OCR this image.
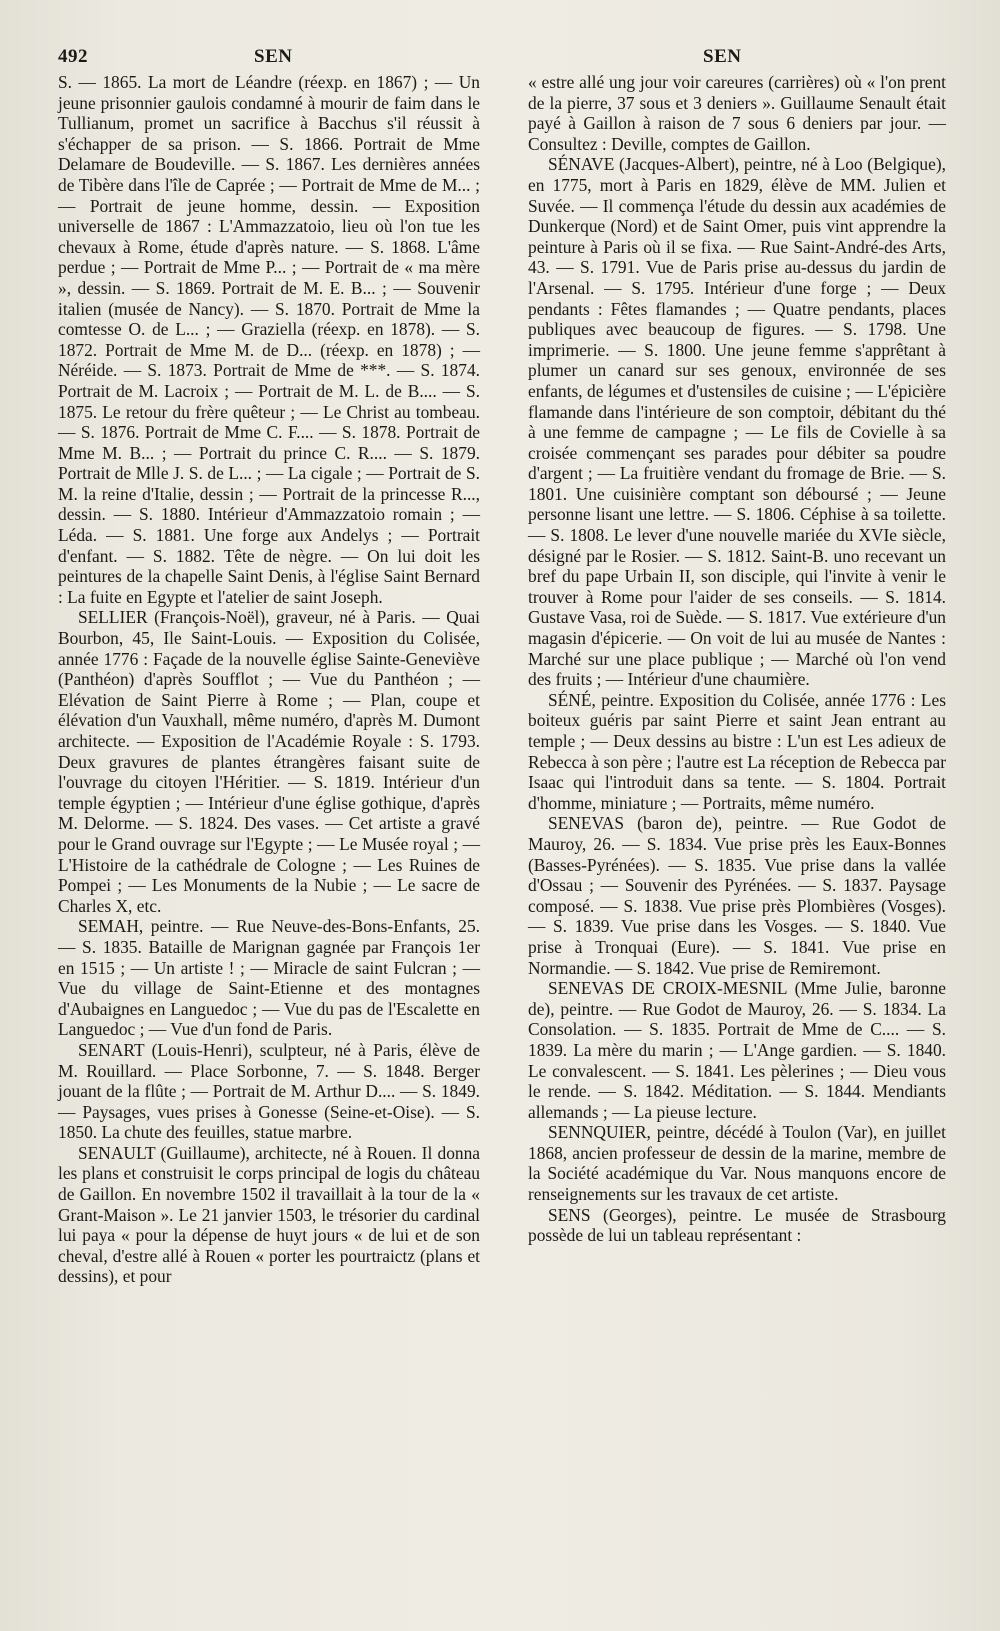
492	SEN	SEN

S. — 1865. La mort de Léandre (réexp. en 1867) ; — Un jeune prisonnier gaulois condamné à mourir de faim dans le Tullianum, promet un sacrifice à Bacchus s'il réussit à s'échapper de sa prison. — S. 1866. Portrait de Mme Delamare de Boudeville. — S. 1867. Les dernières années de Tibère dans l'île de Caprée ; — Portrait de Mme de M... ; — Portrait de jeune homme, dessin. — Exposition universelle de 1867 : L'Ammazzatoio, lieu où l'on tue les chevaux à Rome, étude d'après nature. — S. 1868. L'âme perdue ; — Portrait de Mme P... ; — Portrait de « ma mère », dessin. — S. 1869. Portrait de M. E. B... ; — Souvenir italien (musée de Nancy). — S. 1870. Portrait de Mme la comtesse O. de L... ; — Graziella (réexp. en 1878). — S. 1872. Portrait de Mme M. de D... (réexp. en 1878) ; — Néréide. — S. 1873. Portrait de Mme de ***. — S. 1874. Portrait de M. Lacroix ; — Portrait de M. L. de B.... — S. 1875. Le retour du frère quêteur ; — Le Christ au tombeau. — S. 1876. Portrait de Mme C. F.... — S. 1878. Portrait de Mme M. B... ; — Portrait du prince C. R.... — S. 1879. Portrait de Mlle J. S. de L... ; — La cigale ; — Portrait de S. M. la reine d'Italie, dessin ; — Portrait de la princesse R..., dessin. — S. 1880. Intérieur d'Ammazzatoio romain ; — Léda. — S. 1881. Une forge aux Andelys ; — Portrait d'enfant. — S. 1882. Tête de nègre. — On lui doit les peintures de la chapelle Saint Denis, à l'église Saint Bernard : La fuite en Egypte et l'atelier de saint Joseph.

SELLIER (François-Noël), graveur, né à Paris. — Quai Bourbon, 45, Ile Saint-Louis. — Exposition du Colisée, année 1776 : Façade de la nouvelle église Sainte-Geneviève (Panthéon) d'après Soufflot ; — Vue du Panthéon ; — Elévation de Saint Pierre à Rome ; — Plan, coupe et élévation d'un Vauxhall, même numéro, d'après M. Dumont architecte. — Exposition de l'Académie Royale : S. 1793. Deux gravures de plantes étrangères faisant suite de l'ouvrage du citoyen l'Héritier. — S. 1819. Intérieur d'un temple égyptien ; — Intérieur d'une église gothique, d'après M. Delorme. — S. 1824. Des vases. — Cet artiste a gravé pour le Grand ouvrage sur l'Egypte ; — Le Musée royal ; — L'Histoire de la cathédrale de Cologne ; — Les Ruines de Pompei ; — Les Monuments de la Nubie ; — Le sacre de Charles X, etc.

SEMAH, peintre. — Rue Neuve-des-Bons-Enfants, 25. — S. 1835. Bataille de Marignan gagnée par François 1er en 1515 ; — Un artiste ! ; — Miracle de saint Fulcran ; — Vue du village de Saint-Etienne et des montagnes d'Aubaignes en Languedoc ; — Vue du pas de l'Escalette en Languedoc ; — Vue d'un fond de Paris.

SENART (Louis-Henri), sculpteur, né à Paris, élève de M. Rouillard. — Place Sorbonne, 7. — S. 1848. Berger jouant de la flûte ; — Portrait de M. Arthur D.... — S. 1849. — Paysages, vues prises à Gonesse (Seine-et-Oise). — S. 1850. La chute des feuilles, statue marbre.

SENAULT (Guillaume), architecte, né à Rouen. Il donna les plans et construisit le corps principal de logis du château de Gaillon. En novembre 1502 il travaillait à la tour de la « Grant-Maison ». Le 21 janvier 1503, le trésorier du cardinal lui paya « pour la dépense de huyt jours « de lui et de son cheval, d'estre allé à Rouen « porter les pourtraictz (plans et dessins), et pour

« estre allé ung jour voir careures (carrières) où « l'on prent de la pierre, 37 sous et 3 deniers ». Guillaume Senault était payé à Gaillon à raison de 7 sous 6 deniers par jour. — Consultez : Deville, comptes de Gaillon.

SÉNAVE (Jacques-Albert), peintre, né à Loo (Belgique), en 1775, mort à Paris en 1829, élève de MM. Julien et Suvée. — Il commença l'étude du dessin aux académies de Dunkerque (Nord) et de Saint Omer, puis vint apprendre la peinture à Paris où il se fixa. — Rue Saint-André-des Arts, 43. — S. 1791. Vue de Paris prise au-dessus du jardin de l'Arsenal. — S. 1795. Intérieur d'une forge ; — Deux pendants : Fêtes flamandes ; — Quatre pendants, places publiques avec beaucoup de figures. — S. 1798. Une imprimerie. — S. 1800. Une jeune femme s'apprêtant à plumer un canard sur ses genoux, environnée de ses enfants, de légumes et d'ustensiles de cuisine ; — L'épicière flamande dans l'intérieure de son comptoir, débitant du thé à une femme de campagne ; — Le fils de Covielle à sa croisée commençant ses parades pour débiter sa poudre d'argent ; — La fruitière vendant du fromage de Brie. — S. 1801. Une cuisinière comptant son déboursé ; — Jeune personne lisant une lettre. — S. 1806. Céphise à sa toilette. — S. 1808. Le lever d'une nouvelle mariée du XVIe siècle, désigné par le Rosier. — S. 1812. Saint-B. uno recevant un bref du pape Urbain II, son disciple, qui l'invite à venir le trouver à Rome pour l'aider de ses conseils. — S. 1814. Gustave Vasa, roi de Suède. — S. 1817. Vue extérieure d'un magasin d'épicerie. — On voit de lui au musée de Nantes : Marché sur une place publique ; — Marché où l'on vend des fruits ; — Intérieur d'une chaumière.

SÉNÉ, peintre. Exposition du Colisée, année 1776 : Les boiteux guéris par saint Pierre et saint Jean entrant au temple ; — Deux dessins au bistre : L'un est Les adieux de Rebecca à son père ; l'autre est La réception de Rebecca par Isaac qui l'introduit dans sa tente. — S. 1804. Portrait d'homme, miniature ; — Portraits, même numéro.

SENEVAS (baron de), peintre. — Rue Godot de Mauroy, 26. — S. 1834. Vue prise près les Eaux-Bonnes (Basses-Pyrénées). — S. 1835. Vue prise dans la vallée d'Ossau ; — Souvenir des Pyrénées. — S. 1837. Paysage composé. — S. 1838. Vue prise près Plombières (Vosges). — S. 1839. Vue prise dans les Vosges. — S. 1840. Vue prise à Tronquai (Eure). — S. 1841. Vue prise en Normandie. — S. 1842. Vue prise de Remiremont.

SENEVAS DE CROIX-MESNIL (Mme Julie, baronne de), peintre. — Rue Godot de Mauroy, 26. — S. 1834. La Consolation. — S. 1835. Portrait de Mme de C.... — S. 1839. La mère du marin ; — L'Ange gardien. — S. 1840. Le convalescent. — S. 1841. Les pèlerines ; — Dieu vous le rende. — S. 1842. Méditation. — S. 1844. Mendiants allemands ; — La pieuse lecture.

SENNQUIER, peintre, décédé à Toulon (Var), en juillet 1868, ancien professeur de dessin de la marine, membre de la Société académique du Var. Nous manquons encore de renseignements sur les travaux de cet artiste.

SENS (Georges), peintre. Le musée de Strasbourg possède de lui un tableau représentant :
